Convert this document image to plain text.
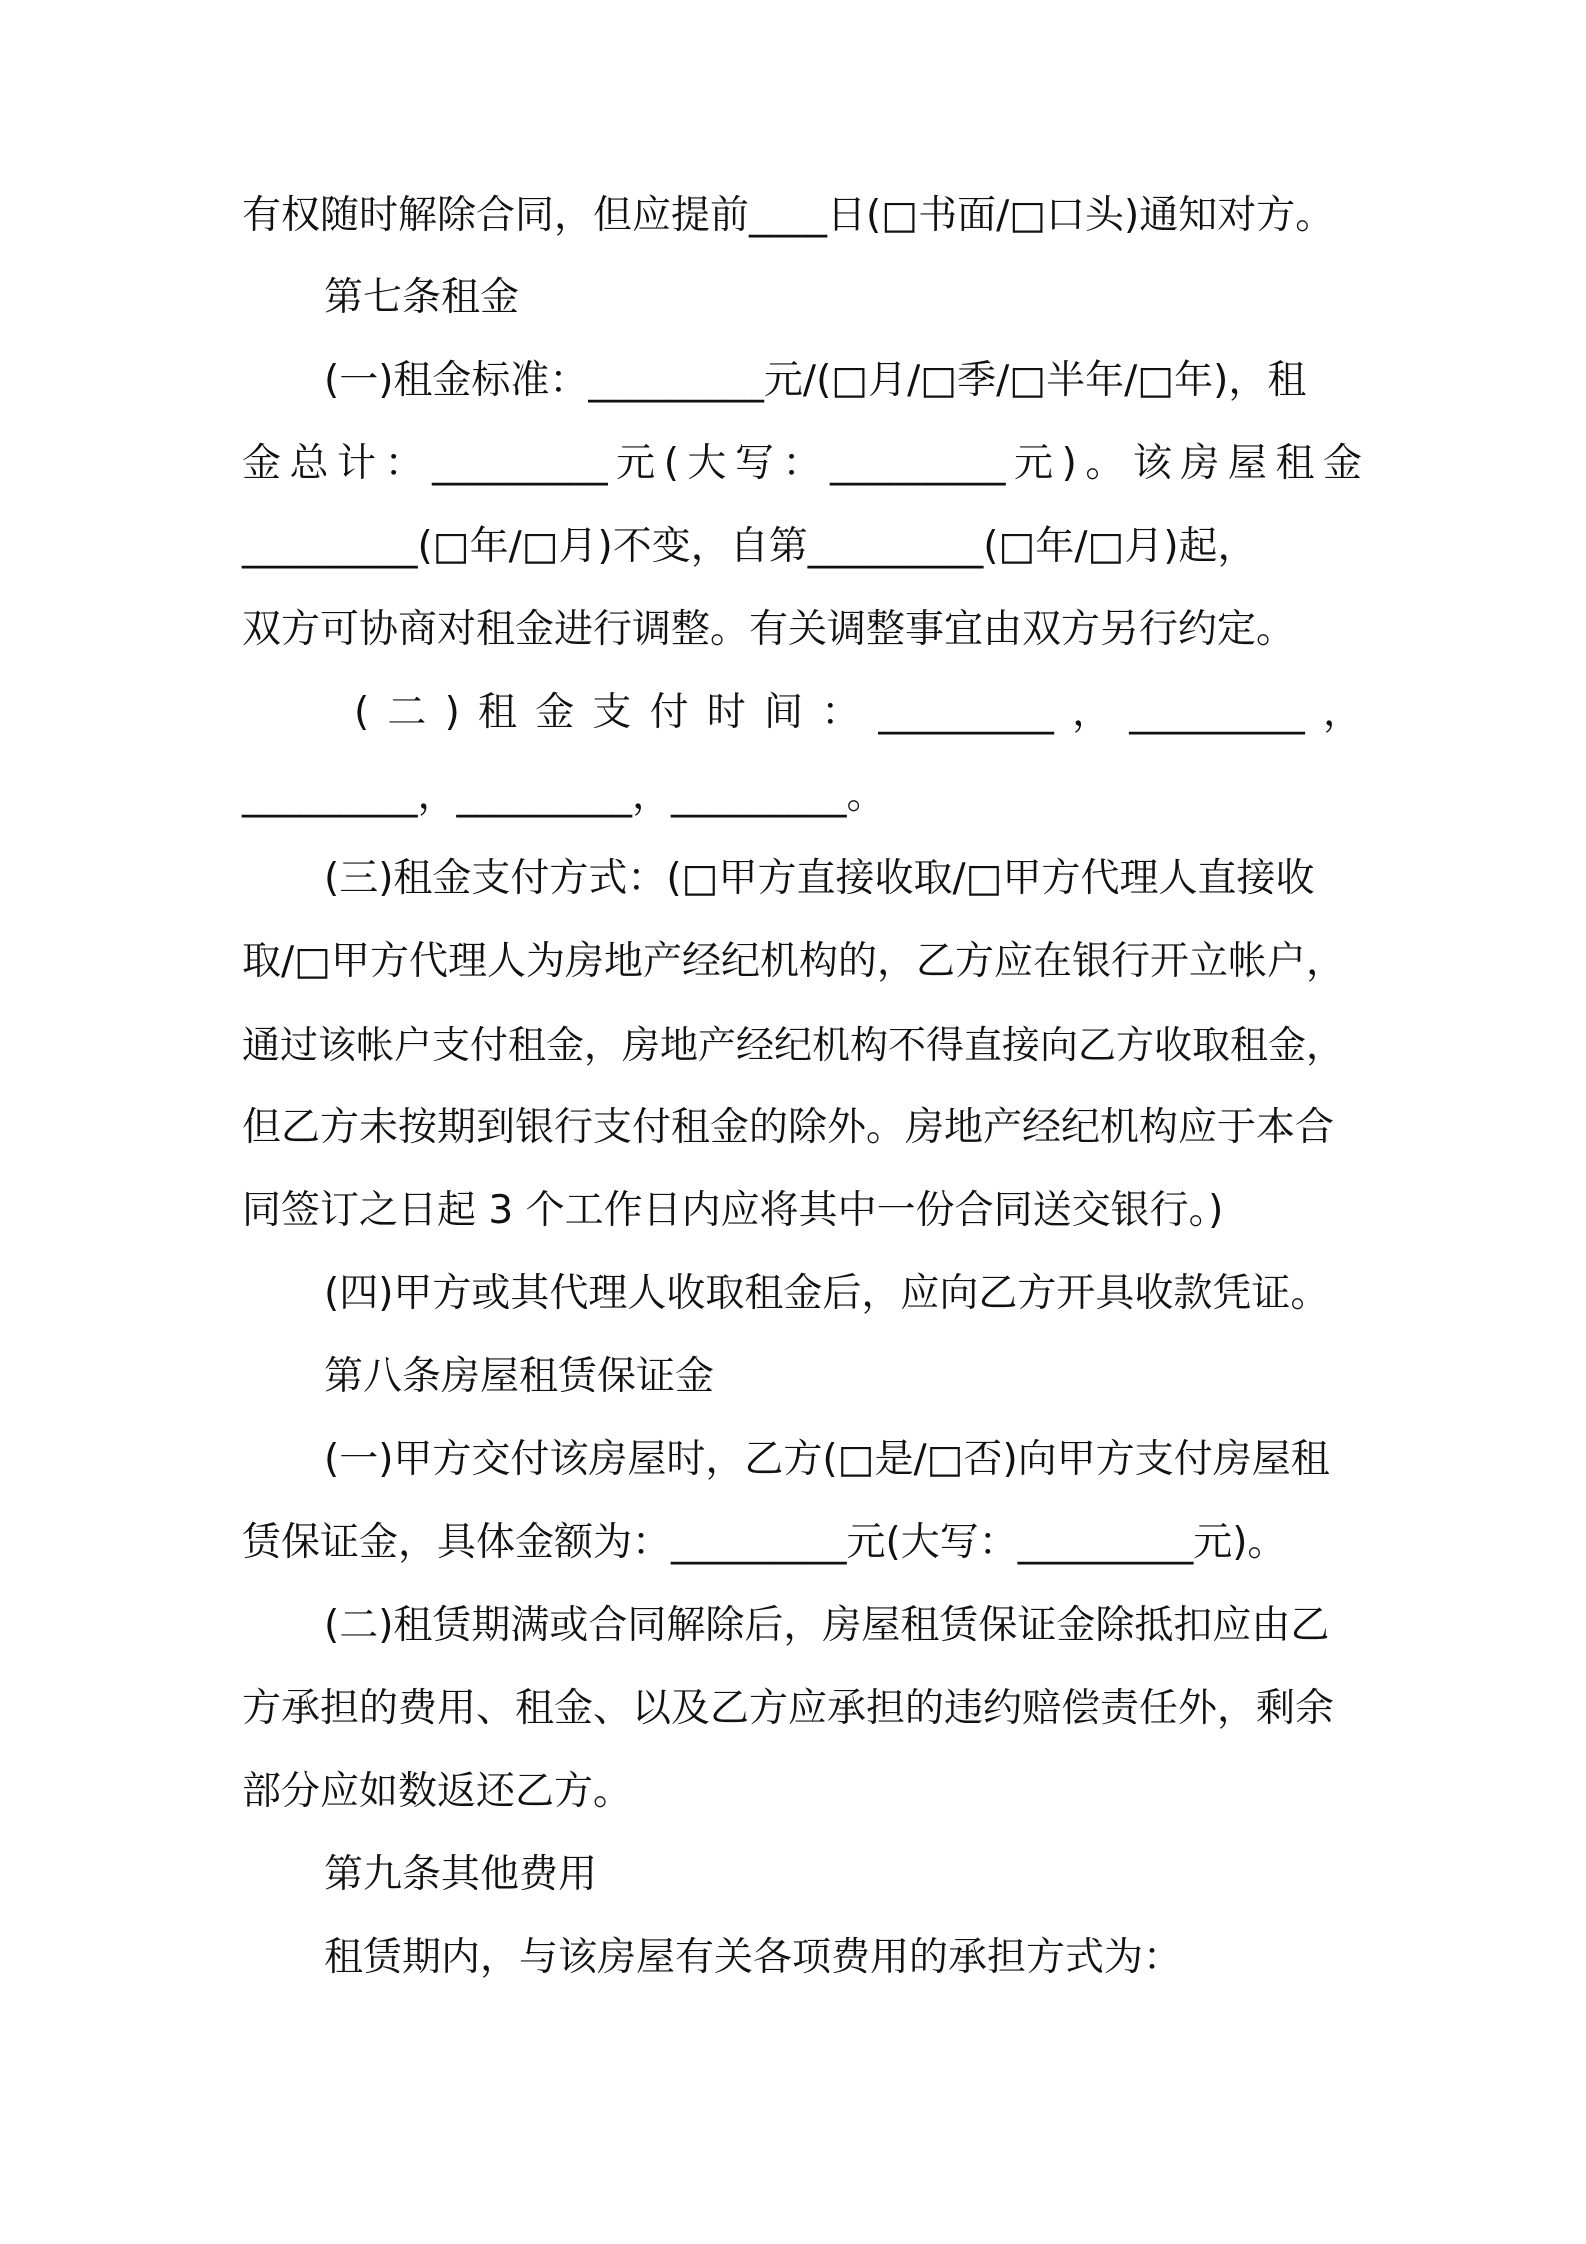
有权随时解除合同，但应提前____日(□书面/□口头)通知对方。
第七条租金
(一)租金标准：_________元/(□月/□季/□半年/□年)，租
金总计：_________元(大写：_________元)。该房屋租金
_________(□年/□月)不变，自第_________(□年/□月)起，
双方可协商对租金进行调整。有关调整事宜由双方另行约定。
(二)租金支付时间：_________，_________，
_________，_________，_________。
(三)租金支付方式：(□甲方直接收取/□甲方代理人直接收
取/□甲方代理人为房地产经纪机构的，乙方应在银行开立帐户，
通过该帐户支付租金，房地产经纪机构不得直接向乙方收取租金，
但乙方未按期到银行支付租金的除外。房地产经纪机构应于本合
同签订之日起 3 个工作日内应将其中一份合同送交银行。)
(四)甲方或其代理人收取租金后，应向乙方开具收款凭证。
第八条房屋租赁保证金
(一)甲方交付该房屋时，乙方(□是/□否)向甲方支付房屋租
赁保证金，具体金额为：_________元(大写：_________元)。
(二)租赁期满或合同解除后，房屋租赁保证金除抵扣应由乙
方承担的费用、租金、以及乙方应承担的违约赔偿责任外，剩余
部分应如数返还乙方。
第九条其他费用
租赁期内，与该房屋有关各项费用的承担方式为：
